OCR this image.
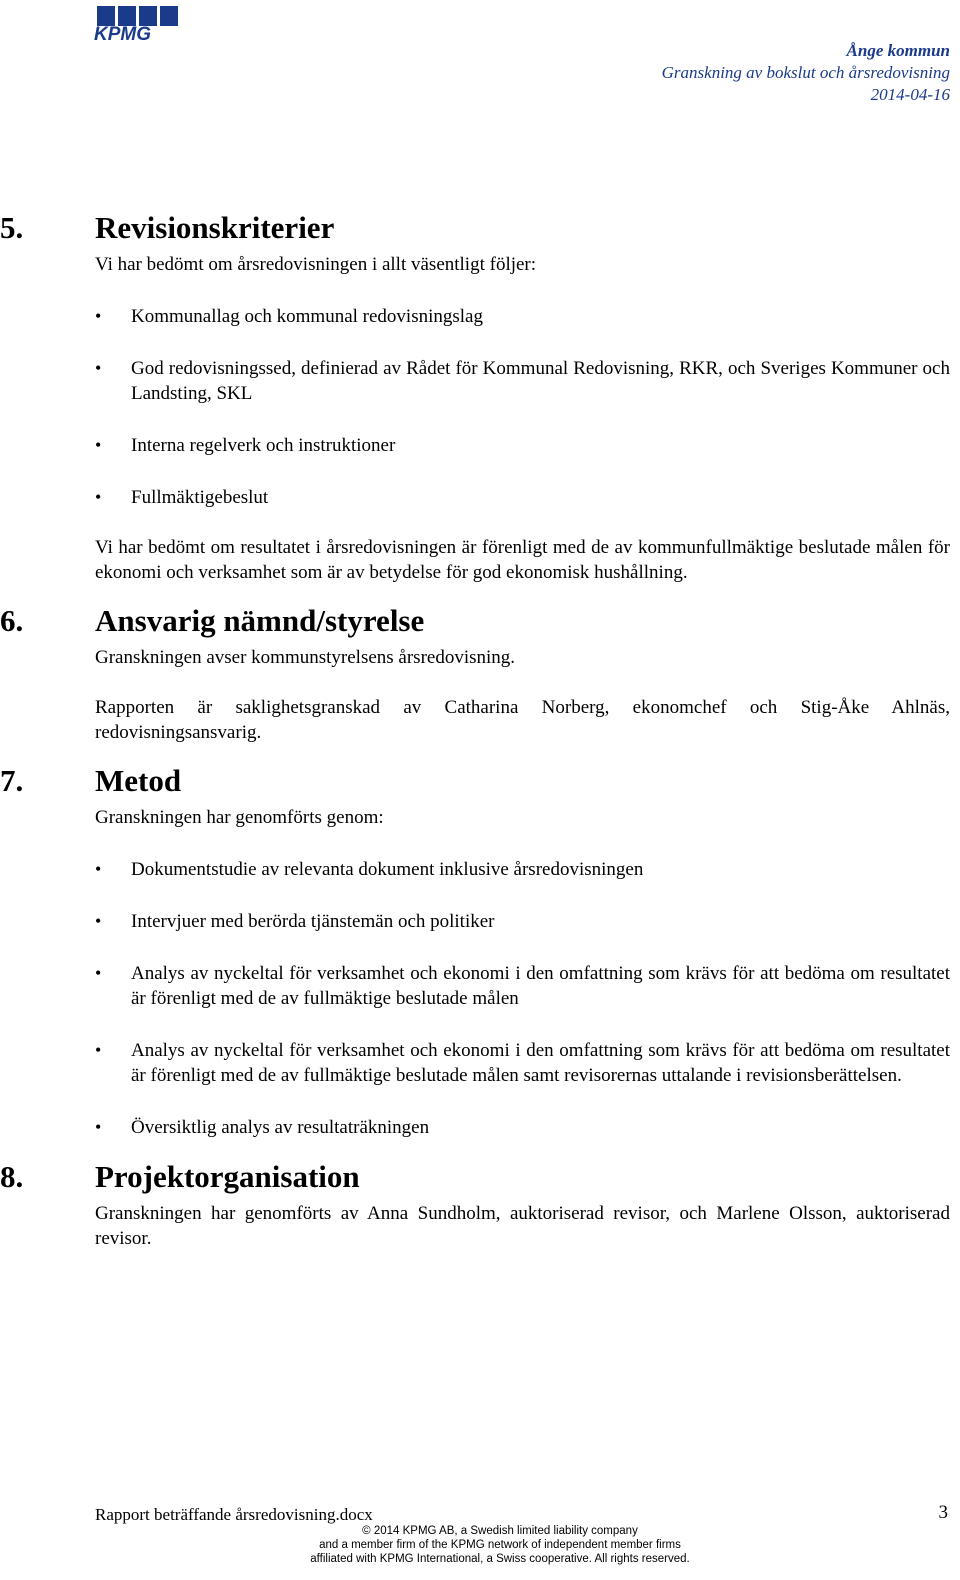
KPMG
Ånge kommun
Granskning av bokslut och årsredovisning
2014-04-16
5. Revisionskriterier

Vi har bedömt om årsredovisningen i allt väsentligt följer:

• Kommunallag och kommunal redovisningslag
• God redovisningssed, definierad av Rådet för Kommunal Redovisning, RKR, och Sveriges Kommuner och Landsting, SKL
• Interna regelverk och instruktioner
• Fullmäktigebeslut

Vi har bedömt om resultatet i årsredovisningen är förenligt med de av kommunfullmäktige beslutade målen för ekonomi och verksamhet som är av betydelse för god ekonomisk hushållning.

6. Ansvarig nämnd/styrelse

Granskningen avser kommunstyrelsens årsredovisning.

Rapporten är saklighetsgranskad av Catharina Norberg, ekonomchef och Stig-Åke Ahlnäs, redovisningsansvarig.

7. Metod

Granskningen har genomförts genom:

• Dokumentstudie av relevanta dokument inklusive årsredovisningen
• Intervjuer med berörda tjänstemän och politiker
• Analys av nyckeltal för verksamhet och ekonomi i den omfattning som krävs för att bedöma om resultatet är förenligt med de av fullmäktige beslutade målen
• Analys av nyckeltal för verksamhet och ekonomi i den omfattning som krävs för att bedöma om resultatet är förenligt med de av fullmäktige beslutade målen samt revisorernas uttalande i revisionsberättelsen.
• Översiktlig analys av resultaträkningen
8. Projektorganisation

Granskningen har genomförts av Anna Sundholm, auktoriserad revisor, och Marlene Olsson, auktoriserad revisor.

Rapport beträffande årsredovisning.docx	3
© 2014 KPMG AB, a Swedish limited liability company
and a member firm of the KPMG network of independent member firms
affiliated with KPMG International, a Swiss cooperative. All rights reserved.
